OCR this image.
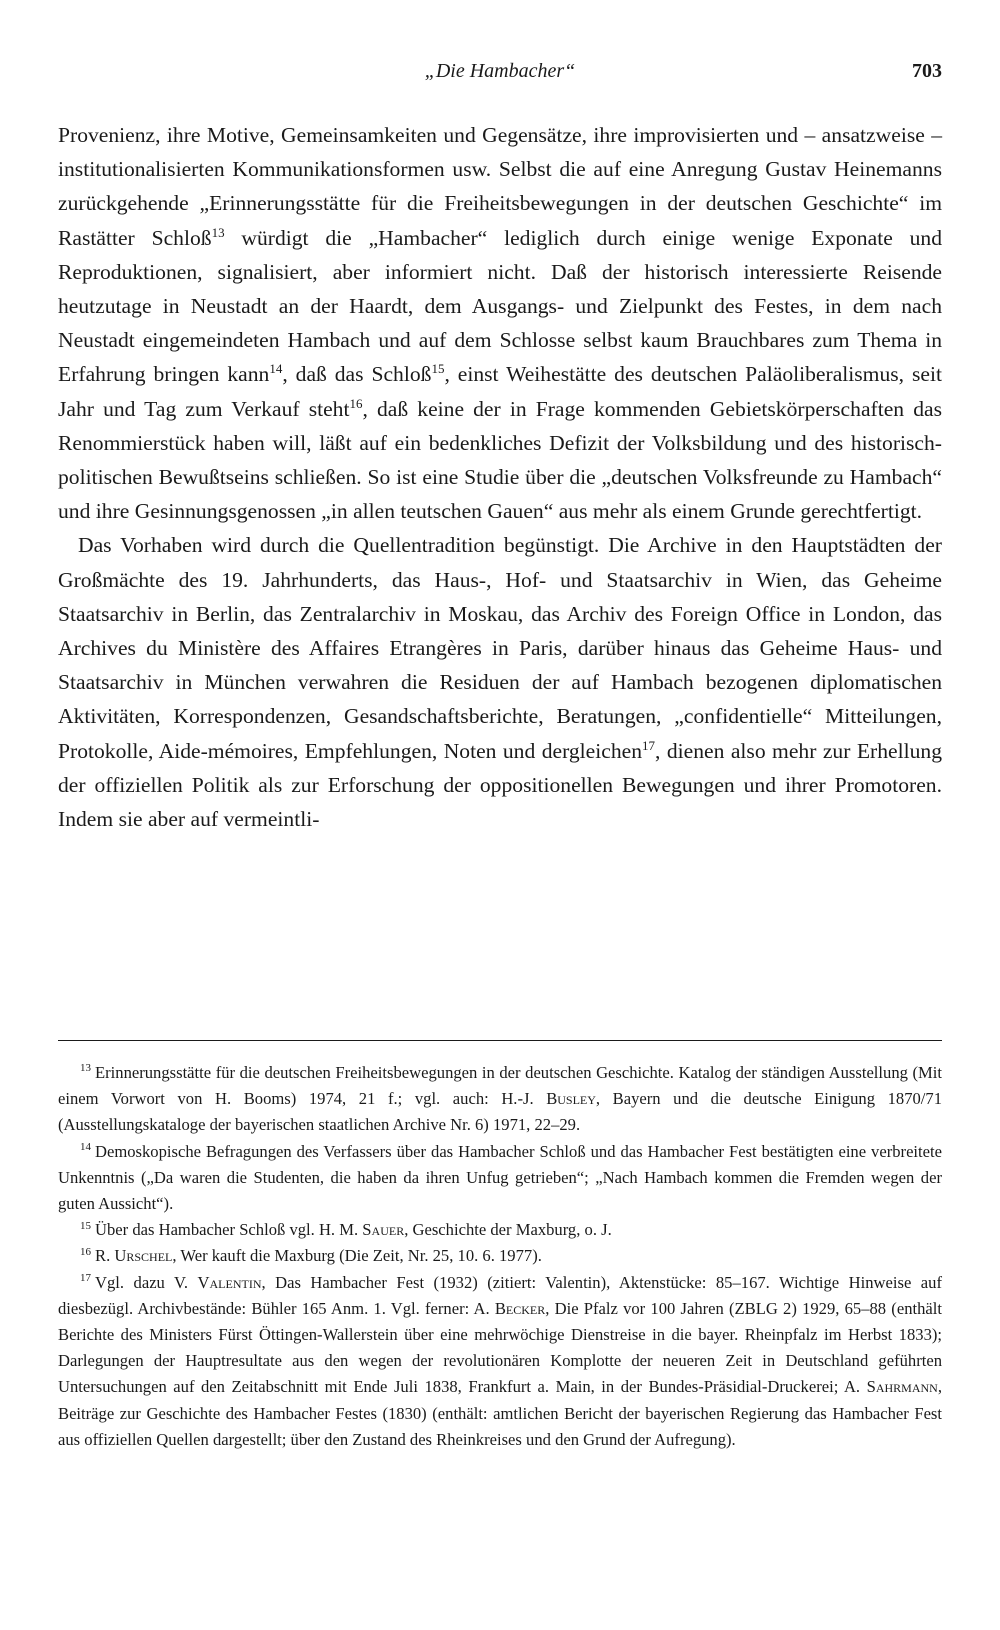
„Die Hambacher“	703

Provenienz, ihre Motive, Gemeinsamkeiten und Gegensätze, ihre improvisierten und – ansatzweise – institutionalisierten Kommunikationsformen usw. Selbst die auf eine Anregung Gustav Heinemanns zurückgehende „Erinnerungsstätte für die Freiheitsbewegungen in der deutschen Geschichte“ im Rastätter Schloß$^{13}$ würdigt die „Hambacher“ lediglich durch einige wenige Exponate und Reproduktionen, signalisiert, aber informiert nicht. Daß der historisch interessierte Reisende heutzutage in Neustadt an der Haardt, dem Ausgangs- und Zielpunkt des Festes, in dem nach Neustadt eingemeindeten Hambach und auf dem Schlosse selbst kaum Brauchbares zum Thema in Erfahrung bringen kann$^{14}$, daß das Schloß$^{15}$, einst Weihestätte des deutschen Paläoliberalismus, seit Jahr und Tag zum Verkauf steht$^{16}$, daß keine der in Frage kommenden Gebietskörperschaften das Renommierstück haben will, läßt auf ein bedenkliches Defizit der Volksbildung und des historisch-politischen Bewußtseins schließen. So ist eine Studie über die „deutschen Volksfreunde zu Hambach“ und ihre Gesinnungsgenossen „in allen teutschen Gauen“ aus mehr als einem Grunde gerechtfertigt.

Das Vorhaben wird durch die Quellentradition begünstigt. Die Archive in den Hauptstädten der Großmächte des 19. Jahrhunderts, das Haus-, Hof- und Staatsarchiv in Wien, das Geheime Staatsarchiv in Berlin, das Zentralarchiv in Moskau, das Archiv des Foreign Office in London, das Archives du Ministère des Affaires Etrangères in Paris, darüber hinaus das Geheime Haus- und Staatsarchiv in München verwahren die Residuen der auf Hambach bezogenen diplomatischen Aktivitäten, Korrespondenzen, Gesandschaftsberichte, Beratungen, „confidentielle“ Mitteilungen, Protokolle, Aide-mémoires, Empfehlungen, Noten und dergleichen$^{17}$, dienen also mehr zur Erhellung der offiziellen Politik als zur Erforschung der oppositionellen Bewegungen und ihrer Promotoren. Indem sie aber auf vermeintli-

$^{13}$ Erinnerungsstätte für die deutschen Freiheitsbewegungen in der deutschen Geschichte. Katalog der ständigen Ausstellung (Mit einem Vorwort von H. Booms) 1974, 21 f.; vgl. auch: H.-J. Busley, Bayern und die deutsche Einigung 1870/71 (Ausstellungskataloge der bayerischen staatlichen Archive Nr. 6) 1971, 22–29.

$^{14}$ Demoskopische Befragungen des Verfassers über das Hambacher Schloß und das Hambacher Fest bestätigten eine verbreitete Unkenntnis („Da waren die Studenten, die haben da ihren Unfug getrieben“; „Nach Hambach kommen die Fremden wegen der guten Aussicht“).

$^{15}$ Über das Hambacher Schloß vgl. H. M. Sauer, Geschichte der Maxburg, o. J.

$^{16}$ R. Urschel, Wer kauft die Maxburg (Die Zeit, Nr. 25, 10. 6. 1977).

$^{17}$ Vgl. dazu V. Valentin, Das Hambacher Fest (1932) (zitiert: Valentin), Aktenstücke: 85–167. Wichtige Hinweise auf diesbezügl. Archivbestände: Bühler 165 Anm. 1. Vgl. ferner: A. Becker, Die Pfalz vor 100 Jahren (ZBLG 2) 1929, 65–88 (enthält Berichte des Ministers Fürst Öttingen-Wallerstein über eine mehrwöchige Dienstreise in die bayer. Rheinpfalz im Herbst 1833); Darlegungen der Hauptresultate aus den wegen der revolutionären Komplotte der neueren Zeit in Deutschland geführten Untersuchungen auf den Zeitabschnitt mit Ende Juli 1838, Frankfurt a. Main, in der Bundes-Präsidial-Druckerei; A. Sahrmann, Beiträge zur Geschichte des Hambacher Festes (1830) (enthält: amtlichen Bericht der bayerischen Regierung das Hambacher Fest aus offiziellen Quellen dargestellt; über den Zustand des Rheinkreises und den Grund der Aufregung).
